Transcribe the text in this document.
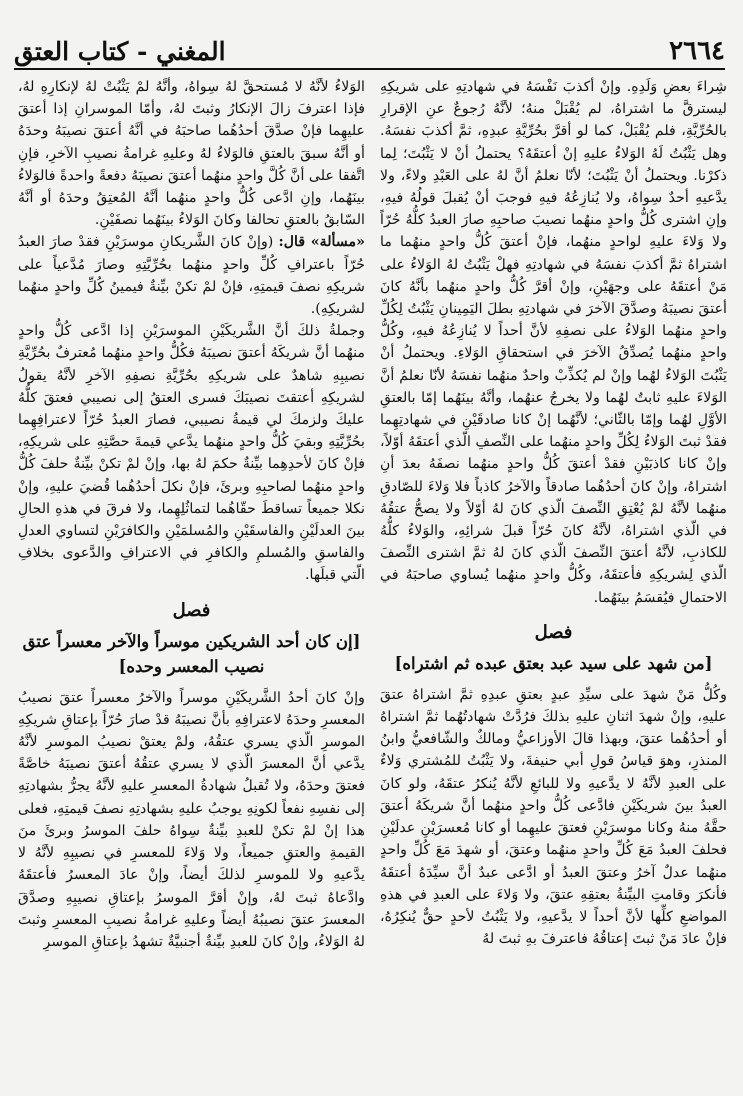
٢٦٦٤
المغني - كتاب العتق

شِراءَ بعضِ وَلَدِهِ. وإنْ أكذبَ نَفْسَهُ في شهادتِهِ على شريكِهِ ليسترقَّ ما اشتراهُ، لم يُقْبَلْ منهُ؛ لأنَّهُ رُجوعٌ عنِ الإقرارِ بالحُرِّيَّةِ، فلم يُقْبَلْ، كما لو أقرَّ بحُرِّيَّةِ عبدِهِ، ثمَّ أكذبَ نفسَهُ. وهل يَثْبُتُ لَهُ الوَلاءُ عليهِ إنْ أعتقَهُ؟ يحتملُ أنْ لا يَثْبُتَ؛ لِما ذكرْنا. ويحتملُ أنْ يَثْبُتَ؛ لأنّا نعلمُ أنَّ لهُ على العَبْدِ ولاءً، ولا يدَّعيهِ أحدٌ سِواهُ، ولا يُنازِعُهُ فيهِ فوجبَ أنْ يُقبلَ قولُهُ فيهِ، وإنِ اشترى كُلُّ واحدٍ منهُما نصيبَ صاحبِهِ صارَ العبدُ كلُّهُ حُرّاً ولا وَلاءَ عليهِ لواحدٍ منهُما، فإنْ أعتقَ كُلُّ واحدٍ منهُما ما اشتراهُ ثمَّ أكذبَ نفسَهُ في شهادتِهِ فهلْ يَثْبُتُ لهُ الوَلاءُ على مَنْ أعتقَهُ على وجهَيْنِ، وإنْ أقرَّ كُلُّ واحدٍ منهُما بأنَّهُ كانَ أعتقَ نصيبَهُ وصدَّقَ الآخرَ في شهادتِهِ بطلَ اليَمِينانِ يَثْبُتُ لِكُلِّ واحدٍ منهُما الوَلاءُ على نصفِهِ لأنَّ أحداً لا يُنازِعُهُ فيهِ، وكُلُّ واحدٍ منهُما يُصدِّقُ الآخرَ في استحقاقِ الوَلاءِ. ويحتملُ أنْ يَثْبُتَ الوَلاءُ لهُما وإنْ لم يُكذِّبْ واحدٌ منهُما نفسَهُ لأنّا نعلمُ أنَّ الوَلاءَ عليهِ ثابتٌ لهُما ولا يخرجُ عنهُما، وأنَّهُ بينَهُما إمّا بالعتقِ الأوَّلِ لهُما وإمّا بالثّاني؛ لأنَّهُما إنْ كانا صادقَيْنِ في شهادتِهِما فقدْ ثبتَ الوَلاءُ لِكُلِّ واحدٍ منهُما على النِّصفِ الّذي أعتقَهُ أوّلاً، وإنْ كانا كاذبَيْنِ فقدْ أعتقَ كُلُّ واحدٍ منهُما نصفَهُ بعدَ أنِ اشتراهُ، وإنْ كانَ أحدُهُما صادقاً والآخرُ كاذباً فلا وَلاءَ للصّادقِ منهُما لأنَّهُ لمْ يُعْتِقِ النِّصفَ الّذي كانَ لهُ أوّلاً ولا يصحُّ عتقُهُ في الّذي اشتراهُ، لأنَّهُ كانَ حُرّاً قبلَ شرائِهِ، والوَلاءُ كلُّهُ للكاذبِ، لأنَّهُ أعتقَ النِّصفَ الّذي كانَ لهُ ثمَّ اشترى النِّصفَ الّذي لِشريكِهِ فأعتقَهُ، وكُلُّ واحدٍ منهُما يُساوي صاحبَهُ في الاحتمالِ فيُقسَمُ بينَهُما.

فصل
[من شهد على سيد عبد بعتق عبده ثم اشتراه]

وكُلُّ مَنْ شهدَ على سيِّدِ عبدٍ بعتقِ عبدِهِ ثمَّ اشتراهُ عتقَ عليهِ، وإنْ شهدَ اثنانِ عليهِ بذلكَ فرُدَّتْ شهادتُهُما ثمَّ اشتراهُ أو أحدُهُما عتقَ، وبهذا قالَ الأوزاعيُّ ومالكٌ والشّافعيُّ وابنُ المنذرِ، وهوَ قياسُ قولِ أبي حنيفةَ، ولا يَثْبُتُ للمُشتري وَلاءٌ على العبدِ لأنَّهُ لا يدَّعيهِ ولا للبائعِ لأنَّهُ يُنكرُ عتقَهُ، ولو كانَ العبدُ بينَ شريكَيْنِ فادَّعى كُلُّ واحدٍ منهُما أنَّ شريكَهُ أعتقَ حقَّهُ منهُ وكانا موسرَيْنِ فعتقَ عليهِما أو كانا مُعسرَيْنِ عدلَيْنِ فحلفَ العبدُ مَعَ كُلِّ واحدٍ منهُما وعتقَ، أو شهدَ مَعَ كُلِّ واحدٍ منهُما عدلٌ آخرُ وعتقَ العبدُ أو ادَّعى عبدٌ أنَّ سيِّدَهُ أعتقَهُ فأنكرَ وقامتِ البيِّنةُ بعتقِهِ عتقَ، ولا وَلاءَ على العبدِ في هذهِ المواضعِ كلِّها لأنَّ أحداً لا يدَّعيهِ، ولا يَثْبُتُ لأحدٍ حقٌّ يُنكِرُهُ، فإنْ عادَ مَنْ ثبتَ إعتاقُهُ فاعترفَ بهِ ثبتَ لهُ

الوَلاءُ لأنَّهُ لا مُستحقَّ لهُ سِواهُ، وأنَّهُ لمْ يَثْبُتْ لهُ لإنكارِهِ لهُ، فإذا اعترفَ زالَ الإنكارُ وثبتَ لهُ، وأمّا الموسرانِ إذا أعتقَ عليهِما فإنْ صدَّقَ أحدُهُما صاحبَهُ في أنَّهُ أعتقَ نصيبَهُ وحدَهُ أو أنَّهُ سبقَ بالعتقِ فالوَلاءُ لهُ وعليهِ غرامةُ نصيبِ الآخرِ، فإنِ اتَّفقا على أنَّ كُلَّ واحدٍ منهُما أعتقَ نصيبَهُ دفعةً واحدةً فالوَلاءُ بينَهُما، وإنِ ادَّعى كُلُّ واحدٍ منهُما أنَّهُ المُعتِقُ وحدَهُ أو أنَّهُ السّابقُ بالعتقِ تحالفا وكانَ الوَلاءُ بينَهُما نصفَيْنِ.

«مسألة» قال: (وإنْ كانَ الشَّريكانِ موسرَيْنِ فقدْ صارَ العبدُ حُرّاً باعترافِ كُلِّ واحدٍ منهُما بحُرِّيَّتِهِ وصارَ مُدَّعياً على شريكِهِ نصفَ قيمتِهِ، فإنْ لمْ تكنْ بيِّنةٌ فيمينُ كُلِّ واحدٍ منهُما لشريكِهِ).

وجملةُ ذلكَ أنَّ الشَّريكَيْنِ الموسرَيْنِ إذا ادَّعى كُلُّ واحدٍ منهُما أنَّ شريكَهُ أعتقَ نصيبَهُ فكُلُّ واحدٍ منهُما مُعترفٌ بحُرِّيَّةِ نصيبِهِ شاهدٌ على شريكِهِ بحُرِّيَّةِ نصفِهِ الآخرِ لأنَّهُ يقولُ لشريكِهِ أعتقتَ نصيبَكَ فسرى العتقُ إلى نصيبي فعتقَ كلُّهُ عليكَ ولزمكَ لي قيمةُ نصيبي، فصارَ العبدُ حُرّاً لاعترافِهِما بحُرِّيَّتِهِ وبقيَ كُلُّ واحدٍ منهُما يدَّعي قيمةَ حصَّتِهِ على شريكِهِ، فإنْ كانَ لأحدِهِما بيِّنةٌ حكمَ لهُ بها، وإنْ لمْ تكنْ بيِّنةٌ حلفَ كُلُّ واحدٍ منهُما لصاحبِهِ وبرئَ، فإنْ نكلَ أحدُهُما قُضيَ عليهِ، وإنْ نكلا جميعاً تساقطَ حقّاهُما لتماثُلِهِما، ولا فرقَ في هذهِ الحالِ بينَ العدلَيْنِ والفاسقَيْنِ والمُسلمَيْنِ والكافرَيْنِ لتساوي العدلِ والفاسقِ والمُسلمِ والكافرِ في الاعترافِ والدَّعوى بخلافِ الّتي قبلَها.

فصل
[إن كان أحد الشريكين موسراً والآخر معسراً عتق نصيب المعسر وحده]

وإنْ كانَ أحدُ الشَّريكَيْنِ موسراً والآخرُ معسراً عتقَ نصيبُ المعسرِ وحدَهُ لاعترافِهِ بأنَّ نصيبَهُ قدْ صارَ حُرّاً بإعتاقِ شريكِهِ الموسرِ الّذي يسري عتقُهُ، ولمْ يعتقْ نصيبُ الموسرِ لأنَّهُ يدَّعي أنَّ المعسرَ الّذي لا يسري عتقُهُ أعتقَ نصيبَهُ خاصَّةً فعتقَ وحدَهُ، ولا تُقبلُ شهادةُ المعسرِ عليهِ لأنَّهُ يجرُّ بشهادتِهِ إلى نفسِهِ نفعاً لكونِهِ يوجبُ عليهِ بشهادتِهِ نصفَ قيمتِهِ، فعلى هذا إنْ لمْ تكنْ للعبدِ بيِّنةٌ سِواهُ حلفَ الموسرُ وبرئَ منَ القيمةِ والعتقِ جميعاً، ولا وَلاءَ للمعسرِ في نصيبِهِ لأنَّهُ لا يدَّعيهِ ولا للموسرِ لذلكَ أيضاً، وإنْ عادَ المعسرُ فأعتقَهُ وادَّعاهُ ثبتَ لهُ، وإنْ أقرَّ الموسرُ بإعتاقِ نصيبِهِ وصدَّقَ المعسرَ عتقَ نصيبُهُ أيضاً وعليهِ غرامةُ نصيبِ المعسرِ وثبتَ لهُ الوَلاءُ، وإنْ كانَ للعبدِ بيِّنةٌ أجنبيَّةٌ تشهدُ بإعتاقِ الموسرِ
